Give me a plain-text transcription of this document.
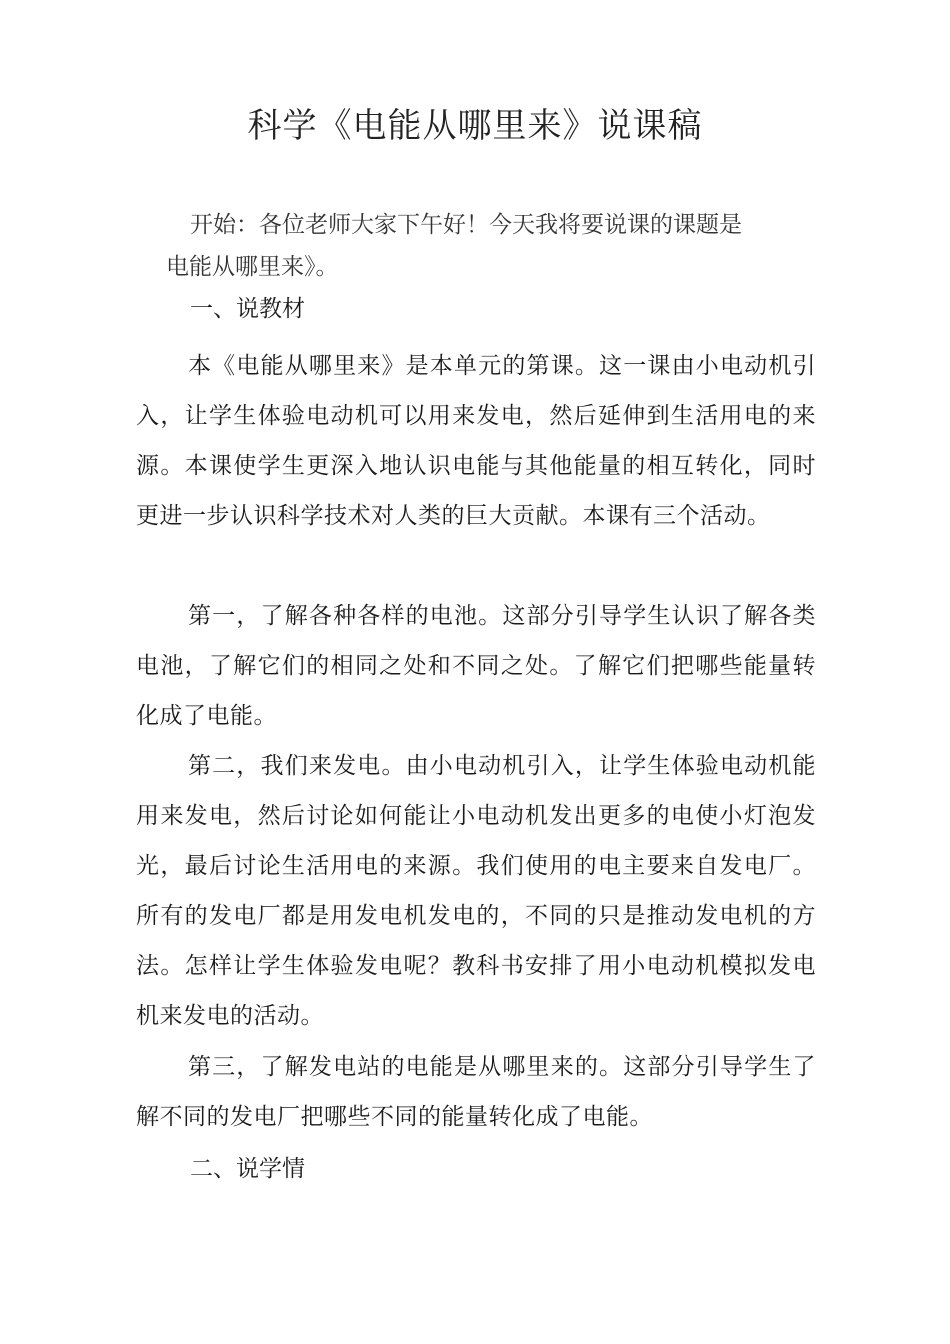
科学《电能从哪里来》说课稿

开始：各位老师大家下午好！今天我将要说课的课题是

电能从哪里来》。

一、说教材

本《电能从哪里来》是本单元的第课。这一课由小电动机引入，让学生体验电动机可以用来发电，然后延伸到生活用电的来源。本课使学生更深入地认识电能与其他能量的相互转化，同时更进一步认识科学技术对人类的巨大贡献。本课有三个活动。

第一，了解各种各样的电池。这部分引导学生认识了解各类电池，了解它们的相同之处和不同之处。了解它们把哪些能量转化成了电能。

第二，我们来发电。由小电动机引入，让学生体验电动机能用来发电，然后讨论如何能让小电动机发出更多的电使小灯泡发光，最后讨论生活用电的来源。我们使用的电主要来自发电厂。所有的发电厂都是用发电机发电的，不同的只是推动发电机的方法。怎样让学生体验发电呢？教科书安排了用小电动机模拟发电机来发电的活动。

第三，了解发电站的电能是从哪里来的。这部分引导学生了解不同的发电厂把哪些不同的能量转化成了电能。

二、说学情
